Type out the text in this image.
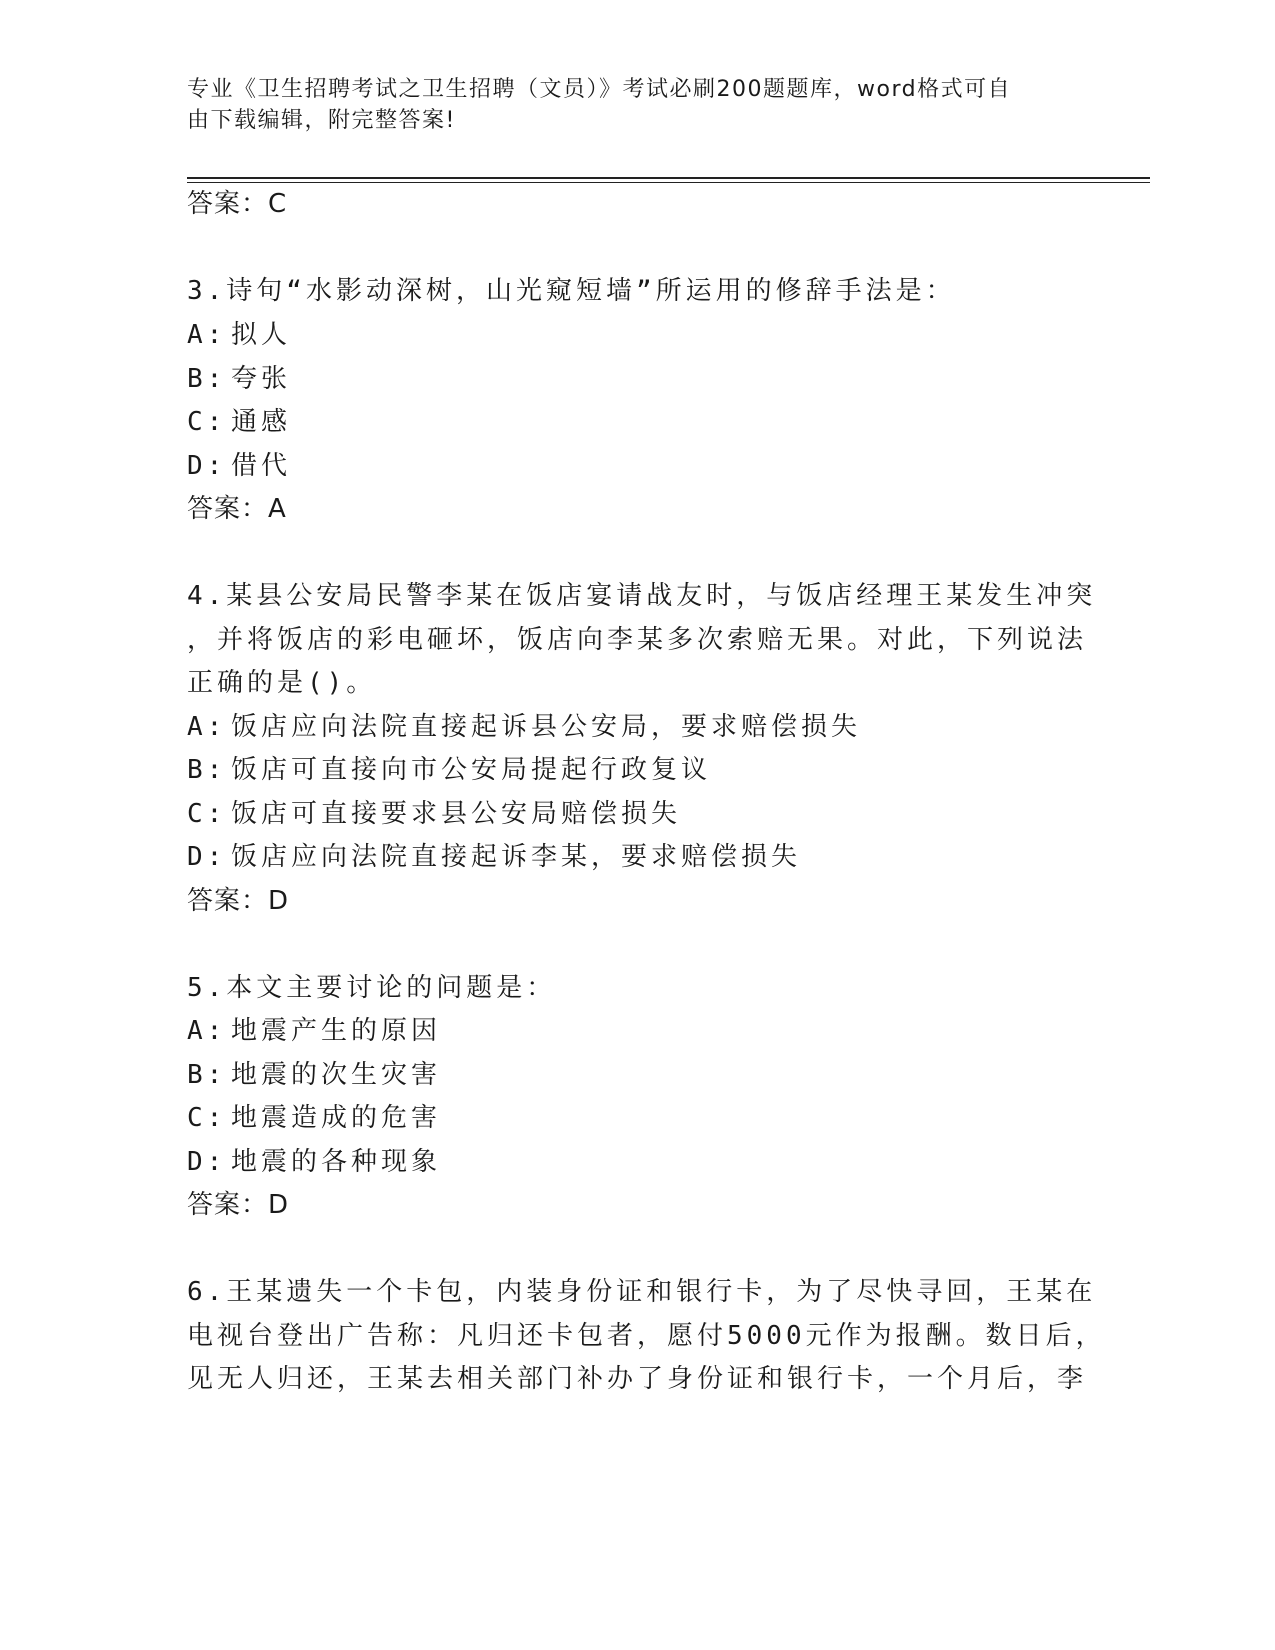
专业《卫生招聘考试之卫生招聘（文员）》考试必刷200题题库，word格式可自
由下载编辑，附完整答案!
答案：C
3.诗句“水影动深树，山光窥短墙”所运用的修辞手法是：
A: 拟人
B: 夸张
C: 通感
D: 借代
答案：A
4.某县公安局民警李某在饭店宴请战友时，与饭店经理王某发生冲突
，并将饭店的彩电砸坏，饭店向李某多次索赔无果。对此，下列说法
正确的是()。
A: 饭店应向法院直接起诉县公安局，要求赔偿损失
B: 饭店可直接向市公安局提起行政复议
C: 饭店可直接要求县公安局赔偿损失
D: 饭店应向法院直接起诉李某，要求赔偿损失
答案：D
5.本文主要讨论的问题是：
A: 地震产生的原因
B: 地震的次生灾害
C: 地震造成的危害
D: 地震的各种现象
答案：D
6.王某遗失一个卡包，内装身份证和银行卡，为了尽快寻回，王某在
电视台登出广告称：凡归还卡包者，愿付5000元作为报酬。数日后，
见无人归还，王某去相关部门补办了身份证和银行卡，一个月后，李
